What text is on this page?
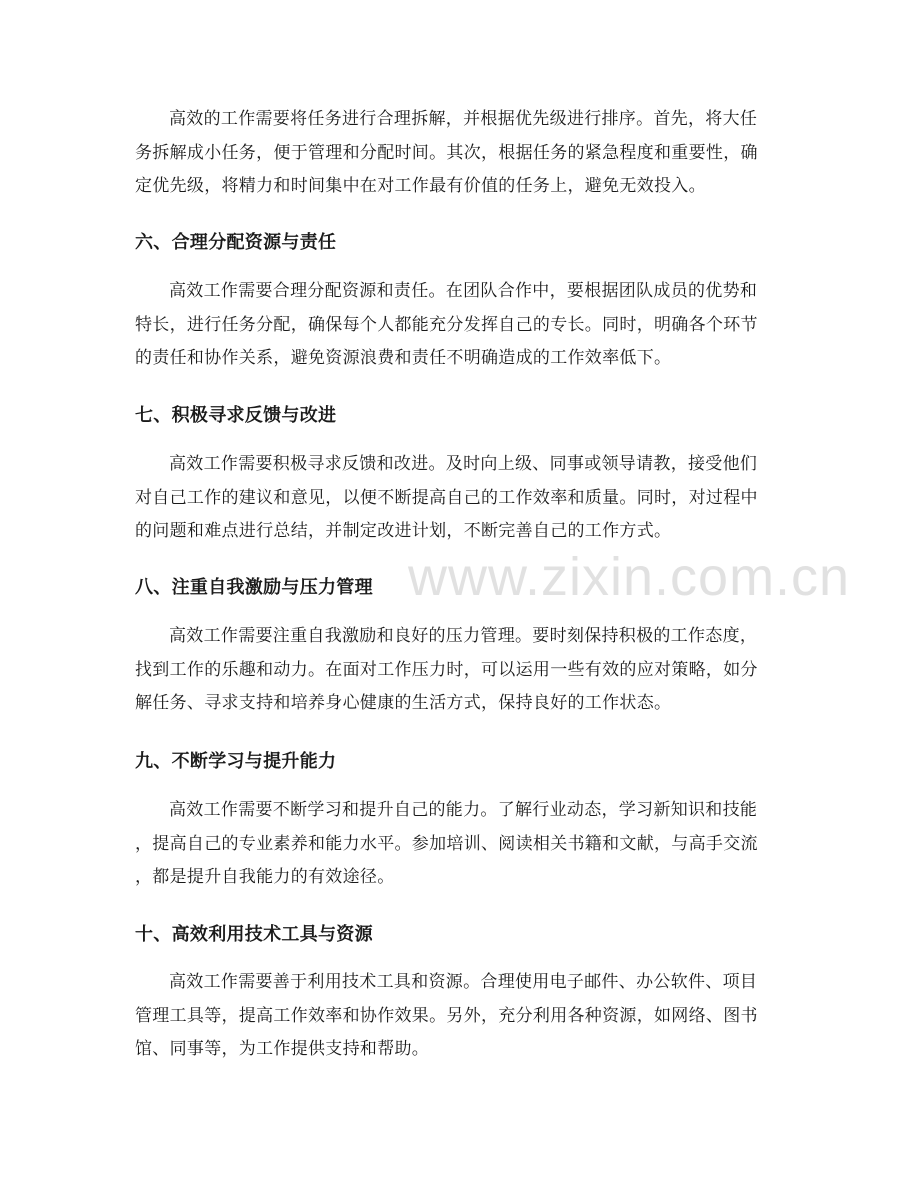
高效的工作需要将任务进行合理拆解，并根据优先级进行排序。首先，将大任
务拆解成小任务，便于管理和分配时间。其次，根据任务的紧急程度和重要性，确
定优先级，将精力和时间集中在对工作最有价值的任务上，避免无效投入。

六、合理分配资源与责任

高效工作需要合理分配资源和责任。在团队合作中，要根据团队成员的优势和
特长，进行任务分配，确保每个人都能充分发挥自己的专长。同时，明确各个环节
的责任和协作关系，避免资源浪费和责任不明确造成的工作效率低下。

七、积极寻求反馈与改进

高效工作需要积极寻求反馈和改进。及时向上级、同事或领导请教，接受他们
对自己工作的建议和意见，以便不断提高自己的工作效率和质量。同时，对过程中
的问题和难点进行总结，并制定改进计划，不断完善自己的工作方式。

八、注重自我激励与压力管理

高效工作需要注重自我激励和良好的压力管理。要时刻保持积极的工作态度，
找到工作的乐趣和动力。在面对工作压力时，可以运用一些有效的应对策略，如分
解任务、寻求支持和培养身心健康的生活方式，保持良好的工作状态。

九、不断学习与提升能力

高效工作需要不断学习和提升自己的能力。了解行业动态，学习新知识和技能
，提高自己的专业素养和能力水平。参加培训、阅读相关书籍和文献，与高手交流
，都是提升自我能力的有效途径。

十、高效利用技术工具与资源

高效工作需要善于利用技术工具和资源。合理使用电子邮件、办公软件、项目
管理工具等，提高工作效率和协作效果。另外，充分利用各种资源，如网络、图书
馆、同事等，为工作提供支持和帮助。

www.zixin.com.cn
